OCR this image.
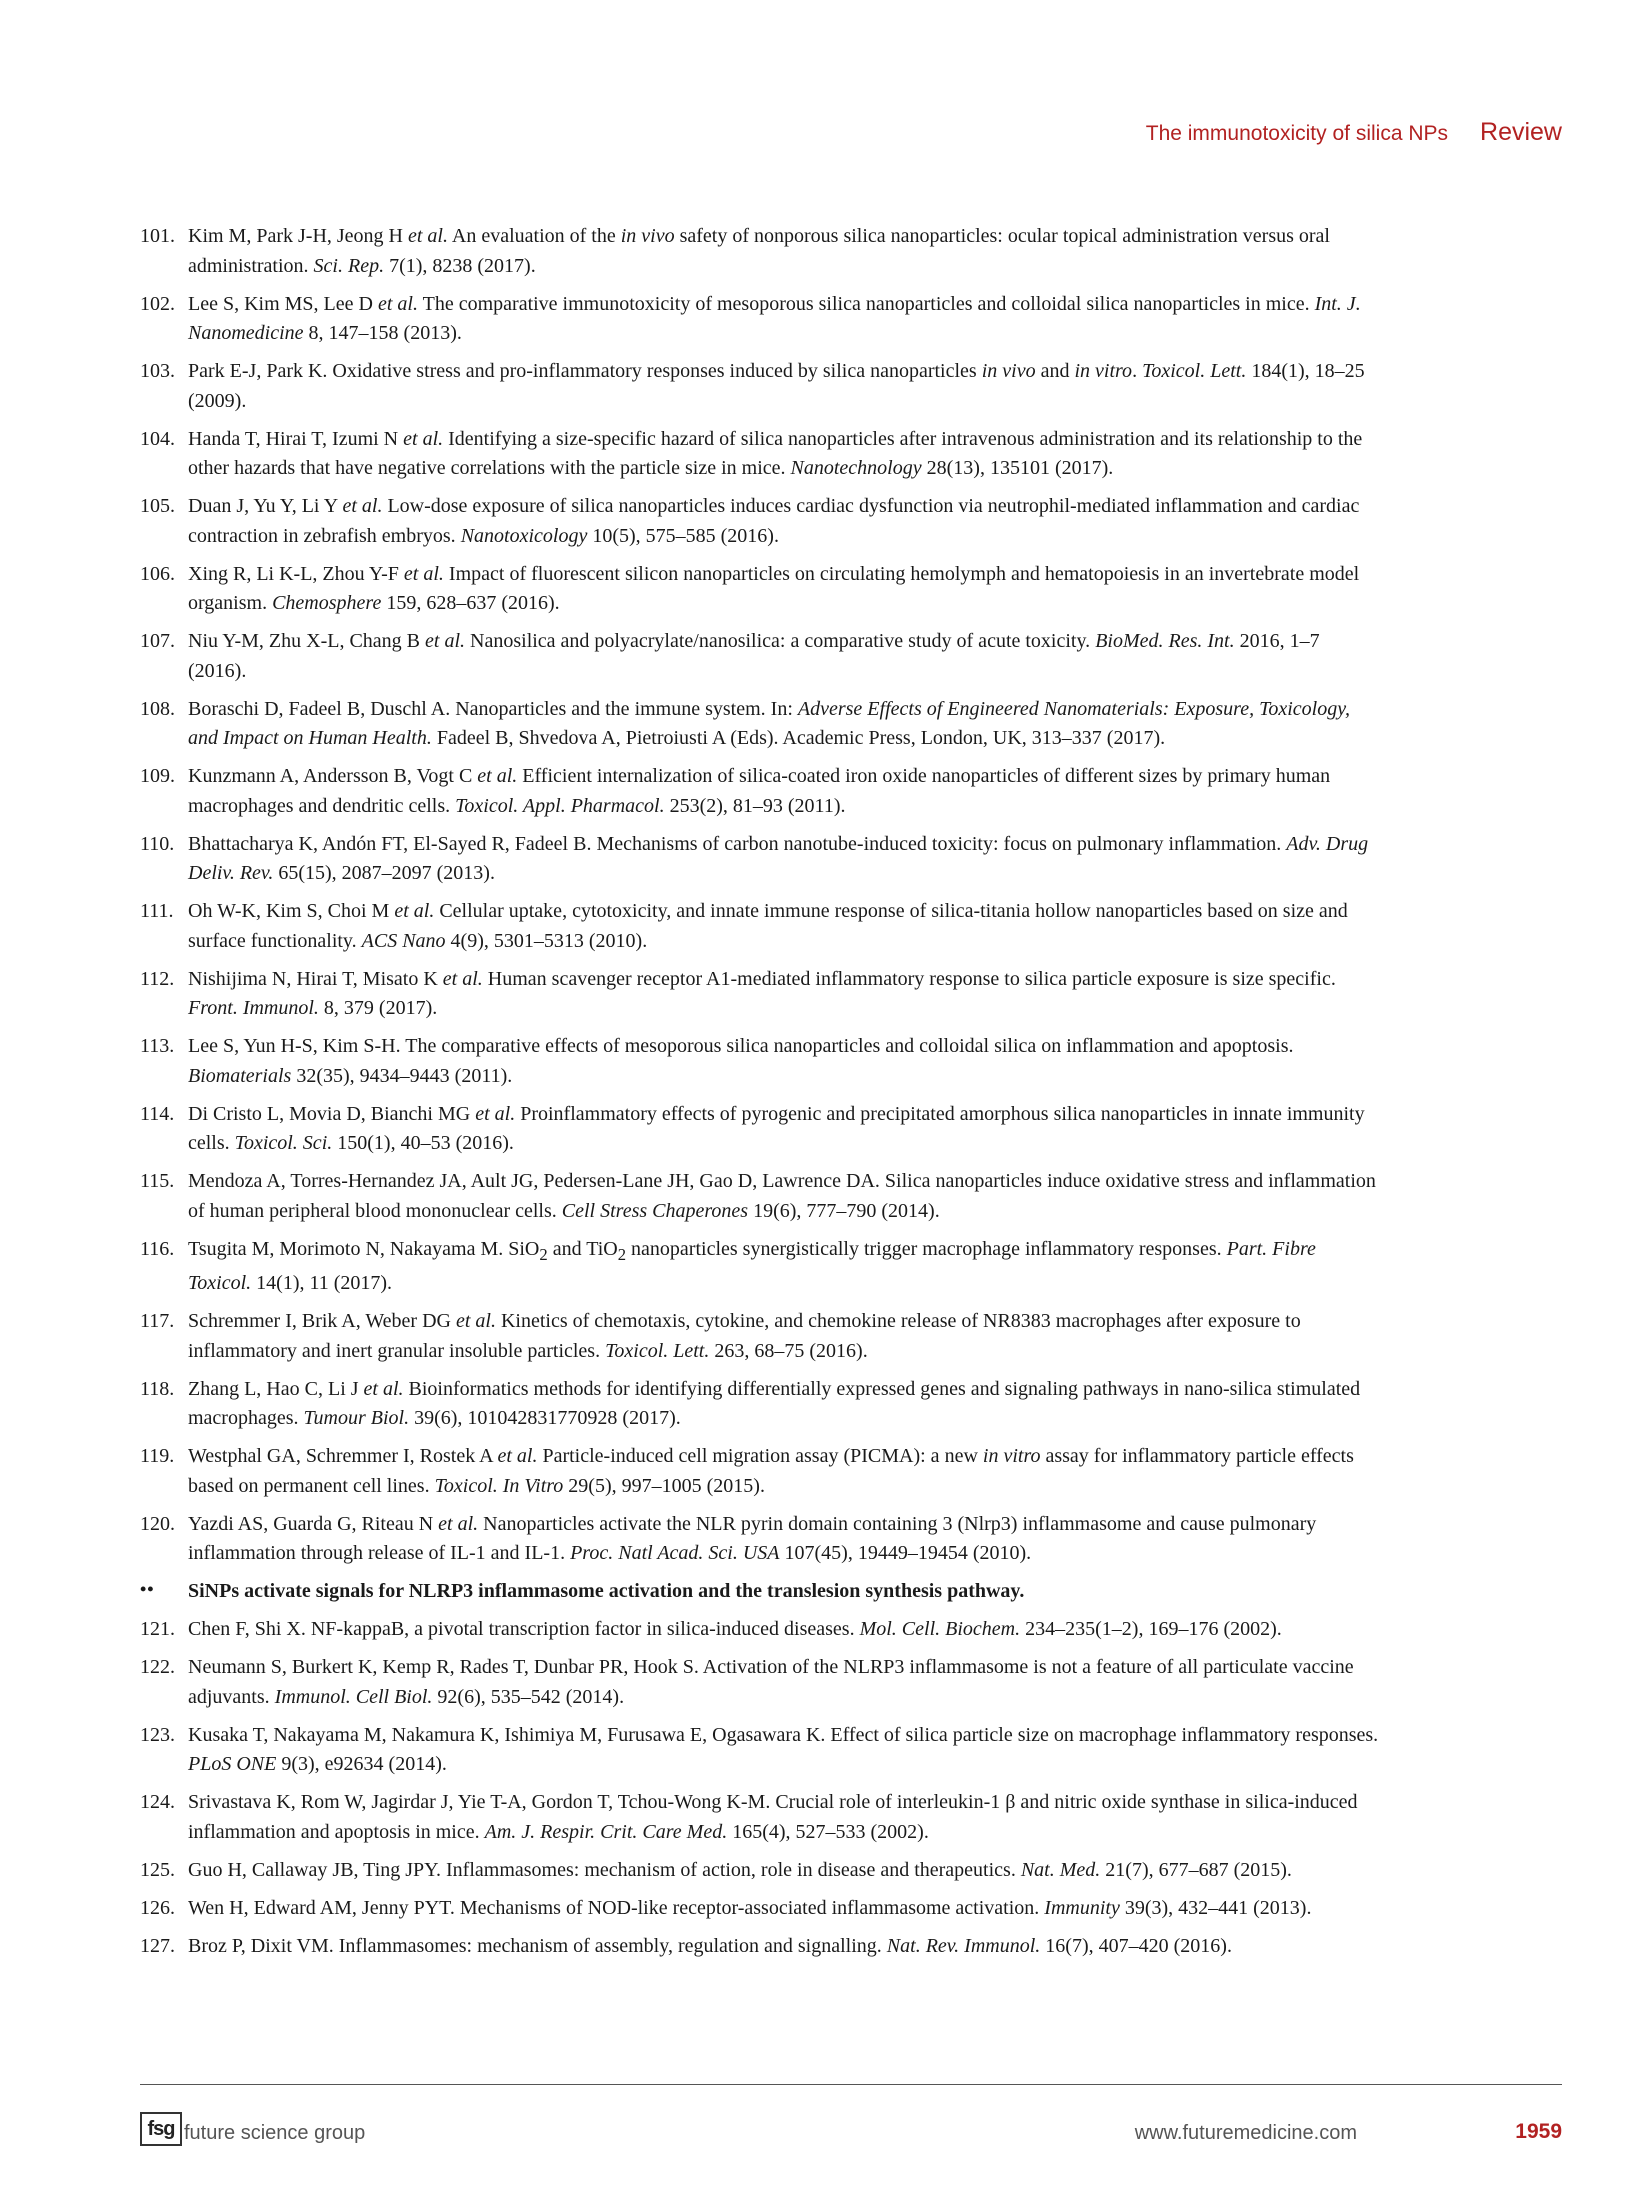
The immunotoxicity of silica NPs Review
101. Kim M, Park J-H, Jeong H et al. An evaluation of the in vivo safety of nonporous silica nanoparticles: ocular topical administration versus oral administration. Sci. Rep. 7(1), 8238 (2017).
102. Lee S, Kim MS, Lee D et al. The comparative immunotoxicity of mesoporous silica nanoparticles and colloidal silica nanoparticles in mice. Int. J. Nanomedicine 8, 147–158 (2013).
103. Park E-J, Park K. Oxidative stress and pro-inflammatory responses induced by silica nanoparticles in vivo and in vitro. Toxicol. Lett. 184(1), 18–25 (2009).
104. Handa T, Hirai T, Izumi N et al. Identifying a size-specific hazard of silica nanoparticles after intravenous administration and its relationship to the other hazards that have negative correlations with the particle size in mice. Nanotechnology 28(13), 135101 (2017).
105. Duan J, Yu Y, Li Y et al. Low-dose exposure of silica nanoparticles induces cardiac dysfunction via neutrophil-mediated inflammation and cardiac contraction in zebrafish embryos. Nanotoxicology 10(5), 575–585 (2016).
106. Xing R, Li K-L, Zhou Y-F et al. Impact of fluorescent silicon nanoparticles on circulating hemolymph and hematopoiesis in an invertebrate model organism. Chemosphere 159, 628–637 (2016).
107. Niu Y-M, Zhu X-L, Chang B et al. Nanosilica and polyacrylate/nanosilica: a comparative study of acute toxicity. BioMed. Res. Int. 2016, 1–7 (2016).
108. Boraschi D, Fadeel B, Duschl A. Nanoparticles and the immune system. In: Adverse Effects of Engineered Nanomaterials: Exposure, Toxicology, and Impact on Human Health. Fadeel B, Shvedova A, Pietroiusti A (Eds). Academic Press, London, UK, 313–337 (2017).
109. Kunzmann A, Andersson B, Vogt C et al. Efficient internalization of silica-coated iron oxide nanoparticles of different sizes by primary human macrophages and dendritic cells. Toxicol. Appl. Pharmacol. 253(2), 81–93 (2011).
110. Bhattacharya K, Andón FT, El-Sayed R, Fadeel B. Mechanisms of carbon nanotube-induced toxicity: focus on pulmonary inflammation. Adv. Drug Deliv. Rev. 65(15), 2087–2097 (2013).
111. Oh W-K, Kim S, Choi M et al. Cellular uptake, cytotoxicity, and innate immune response of silica-titania hollow nanoparticles based on size and surface functionality. ACS Nano 4(9), 5301–5313 (2010).
112. Nishijima N, Hirai T, Misato K et al. Human scavenger receptor A1-mediated inflammatory response to silica particle exposure is size specific. Front. Immunol. 8, 379 (2017).
113. Lee S, Yun H-S, Kim S-H. The comparative effects of mesoporous silica nanoparticles and colloidal silica on inflammation and apoptosis. Biomaterials 32(35), 9434–9443 (2011).
114. Di Cristo L, Movia D, Bianchi MG et al. Proinflammatory effects of pyrogenic and precipitated amorphous silica nanoparticles in innate immunity cells. Toxicol. Sci. 150(1), 40–53 (2016).
115. Mendoza A, Torres-Hernandez JA, Ault JG, Pedersen-Lane JH, Gao D, Lawrence DA. Silica nanoparticles induce oxidative stress and inflammation of human peripheral blood mononuclear cells. Cell Stress Chaperones 19(6), 777–790 (2014).
116. Tsugita M, Morimoto N, Nakayama M. SiO$_2$ and TiO$_2$ nanoparticles synergistically trigger macrophage inflammatory responses. Part. Fibre Toxicol. 14(1), 11 (2017).
117. Schremmer I, Brik A, Weber DG et al. Kinetics of chemotaxis, cytokine, and chemokine release of NR8383 macrophages after exposure to inflammatory and inert granular insoluble particles. Toxicol. Lett. 263, 68–75 (2016).
118. Zhang L, Hao C, Li J et al. Bioinformatics methods for identifying differentially expressed genes and signaling pathways in nano-silica stimulated macrophages. Tumour Biol. 39(6), 101042831770928 (2017).
119. Westphal GA, Schremmer I, Rostek A et al. Particle-induced cell migration assay (PICMA): a new in vitro assay for inflammatory particle effects based on permanent cell lines. Toxicol. In Vitro 29(5), 997–1005 (2015).
120. Yazdi AS, Guarda G, Riteau N et al. Nanoparticles activate the NLR pyrin domain containing 3 (Nlrp3) inflammasome and cause pulmonary inflammation through release of IL-1 and IL-1. Proc. Natl Acad. Sci. USA 107(45), 19449–19454 (2010).
•• SiNPs activate signals for NLRP3 inflammasome activation and the translesion synthesis pathway.
121. Chen F, Shi X. NF-kappaB, a pivotal transcription factor in silica-induced diseases. Mol. Cell. Biochem. 234–235(1–2), 169–176 (2002).
122. Neumann S, Burkert K, Kemp R, Rades T, Dunbar PR, Hook S. Activation of the NLRP3 inflammasome is not a feature of all particulate vaccine adjuvants. Immunol. Cell Biol. 92(6), 535–542 (2014).
123. Kusaka T, Nakayama M, Nakamura K, Ishimiya M, Furusawa E, Ogasawara K. Effect of silica particle size on macrophage inflammatory responses. PLoS ONE 9(3), e92634 (2014).
124. Srivastava K, Rom W, Jagirdar J, Yie T-A, Gordon T, Tchou-Wong K-M. Crucial role of interleukin-1 β and nitric oxide synthase in silica-induced inflammation and apoptosis in mice. Am. J. Respir. Crit. Care Med. 165(4), 527–533 (2002).
125. Guo H, Callaway JB, Ting JPY. Inflammasomes: mechanism of action, role in disease and therapeutics. Nat. Med. 21(7), 677–687 (2015).
126. Wen H, Edward AM, Jenny PYT. Mechanisms of NOD-like receptor-associated inflammasome activation. Immunity 39(3), 432–441 (2013).
127. Broz P, Dixit VM. Inflammasomes: mechanism of assembly, regulation and signalling. Nat. Rev. Immunol. 16(7), 407–420 (2016).
fsg future science group	www.futuremedicine.com	1959
